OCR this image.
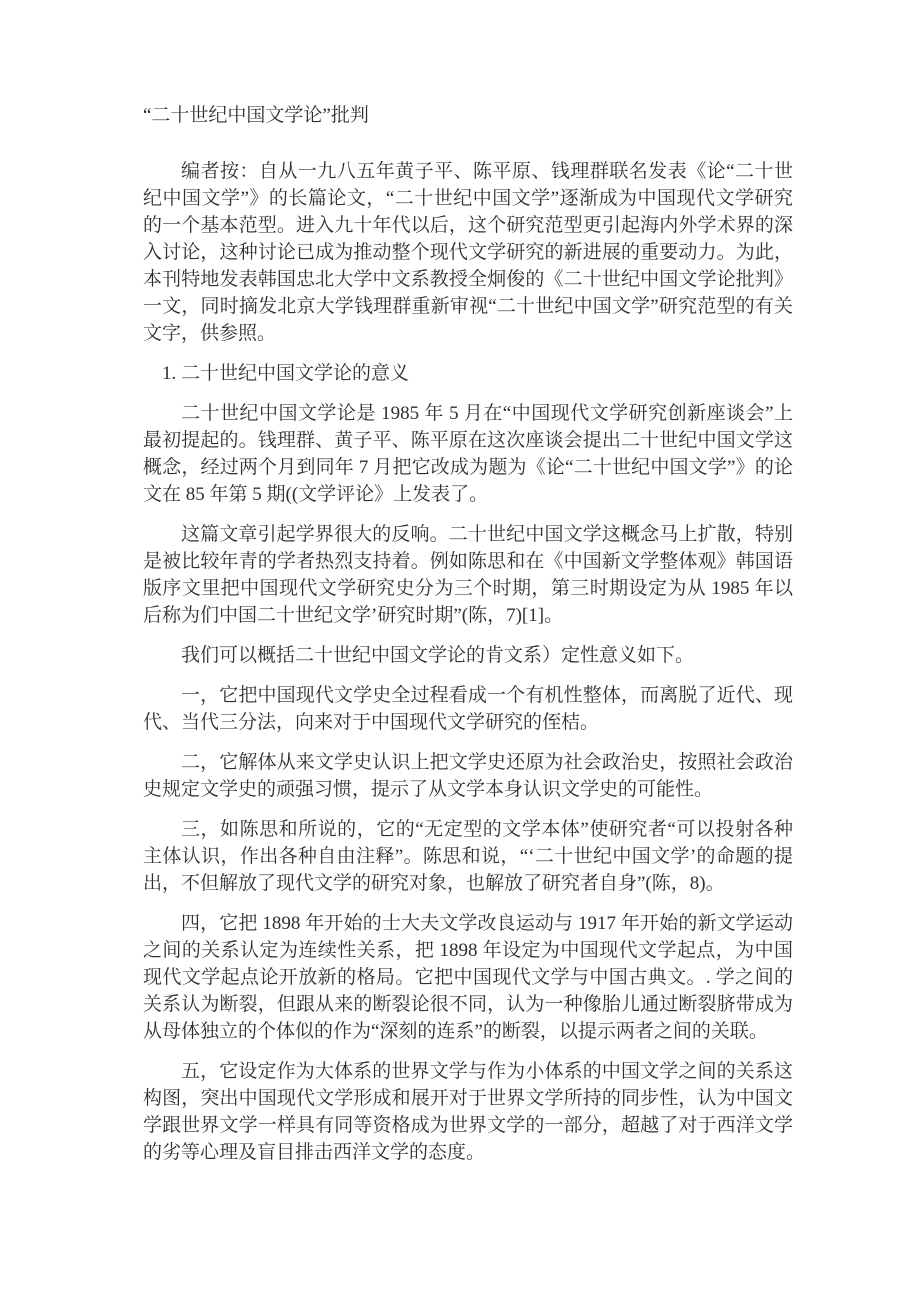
“二十世纪中国文学论”批判

编者按：自从一九八五年黄子平、陈平原、钱理群联名发表《论“二十世纪中国文学”》的长篇论文，“二十世纪中国文学”逐渐成为中国现代文学研究的一个基本范型。进入九十年代以后，这个研究范型更引起海内外学术界的深入讨论，这种讨论已成为推动整个现代文学研究的新进展的重要动力。为此，本刊特地发表韩国忠北大学中文系教授全炯俊的《二十世纪中国文学论批判》一文，同时摘发北京大学钱理群重新审视“二十世纪中国文学”研究范型的有关文字，供参照。

1. 二十世纪中国文学论的意义

二十世纪中国文学论是 1985 年 5 月在“中国现代文学研究创新座谈会”上最初提起的。钱理群、黄子平、陈平原在这次座谈会提出二十世纪中国文学这概念，经过两个月到同年 7 月把它改成为题为《论“二十世纪中国文学”》的论文在 85 年第 5 期((文学评论》上发表了。

这篇文章引起学界很大的反响。二十世纪中国文学这概念马上扩散，特别是被比较年青的学者热烈支持着。例如陈思和在《中国新文学整体观》韩国语版序文里把中国现代文学研究史分为三个时期，第三时期设定为从 1985 年以后称为们中国二十世纪文学’研究时期”(陈，7)[1]。

我们可以概括二十世纪中国文学论的肯文系）定性意义如下。

一，它把中国现代文学史全过程看成一个有机性整体，而离脱了近代、现代、当代三分法，向来对于中国现代文学研究的侄桔。

二，它解体从来文学史认识上把文学史还原为社会政治史，按照社会政治史规定文学史的顽强习惯，提示了从文学本身认识文学史的可能性。

三，如陈思和所说的，它的“无定型的文学本体”使研究者“可以投射各种主体认识，作出各种自由注释”。陈思和说，“‘二十世纪中国文学’的命题的提出，不但解放了现代文学的研究对象，也解放了研究者自身”(陈，8)。

四，它把 1898 年开始的士大夫文学改良运动与 1917 年开始的新文学运动之间的关系认定为连续性关系，把 1898 年设定为中国现代文学起点，为中国现代文学起点论开放新的格局。它把中国现代文学与中国古典文。. 学之间的关系认为断裂，但跟从来的断裂论很不同，认为一种像胎儿通过断裂脐带成为从母体独立的个体似的作为“深刻的连系”的断裂，以提示两者之间的关联。

五，它设定作为大体系的世界文学与作为小体系的中国文学之间的关系这构图，突出中国现代文学形成和展开对于世界文学所持的同步性，认为中国文学跟世界文学一样具有同等资格成为世界文学的一部分，超越了对于西洋文学的劣等心理及盲目排击西洋文学的态度。
